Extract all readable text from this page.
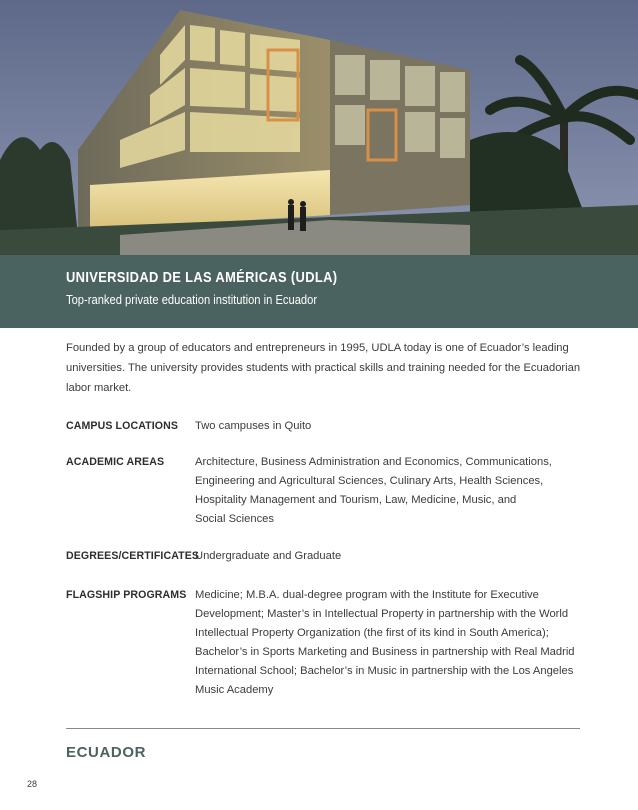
UNIVERSIDAD DE LAS AMÉRICAS (UDLA)
Top-ranked private education institution in Ecuador
Founded by a group of educators and entrepreneurs in 1995, UDLA today is one of Ecuador’s leading
universities. The university provides students with practical skills and training needed for the Ecuadorian
labor market.
CAMPUS LOCATIONS Two campuses in Quito
ACADEMIC AREAS	Architecture, Business Administration and Economics, Communications,
Engineering and Agricultural Sciences, Culinary Arts, Health Sciences,
Hospitality Management and Tourism, Law, Medicine, Music, and
Social Sciences
DEGREES/CERTIFICATES
Undergraduate and Graduate
FLAGSHIP PROGRAMS Medicine; M.B.A. dual-degree program with the Institute for Executive
Development; Master’s in Intellectual Property in partnership with the World
Intellectual Property Organization (the first of its kind in South America);
Bachelor’s in Sports Marketing and Business in partnership with Real Madrid
International School; Bachelor’s in Music in partnership with the Los Angeles
Music Academy
ECUADOR
28
